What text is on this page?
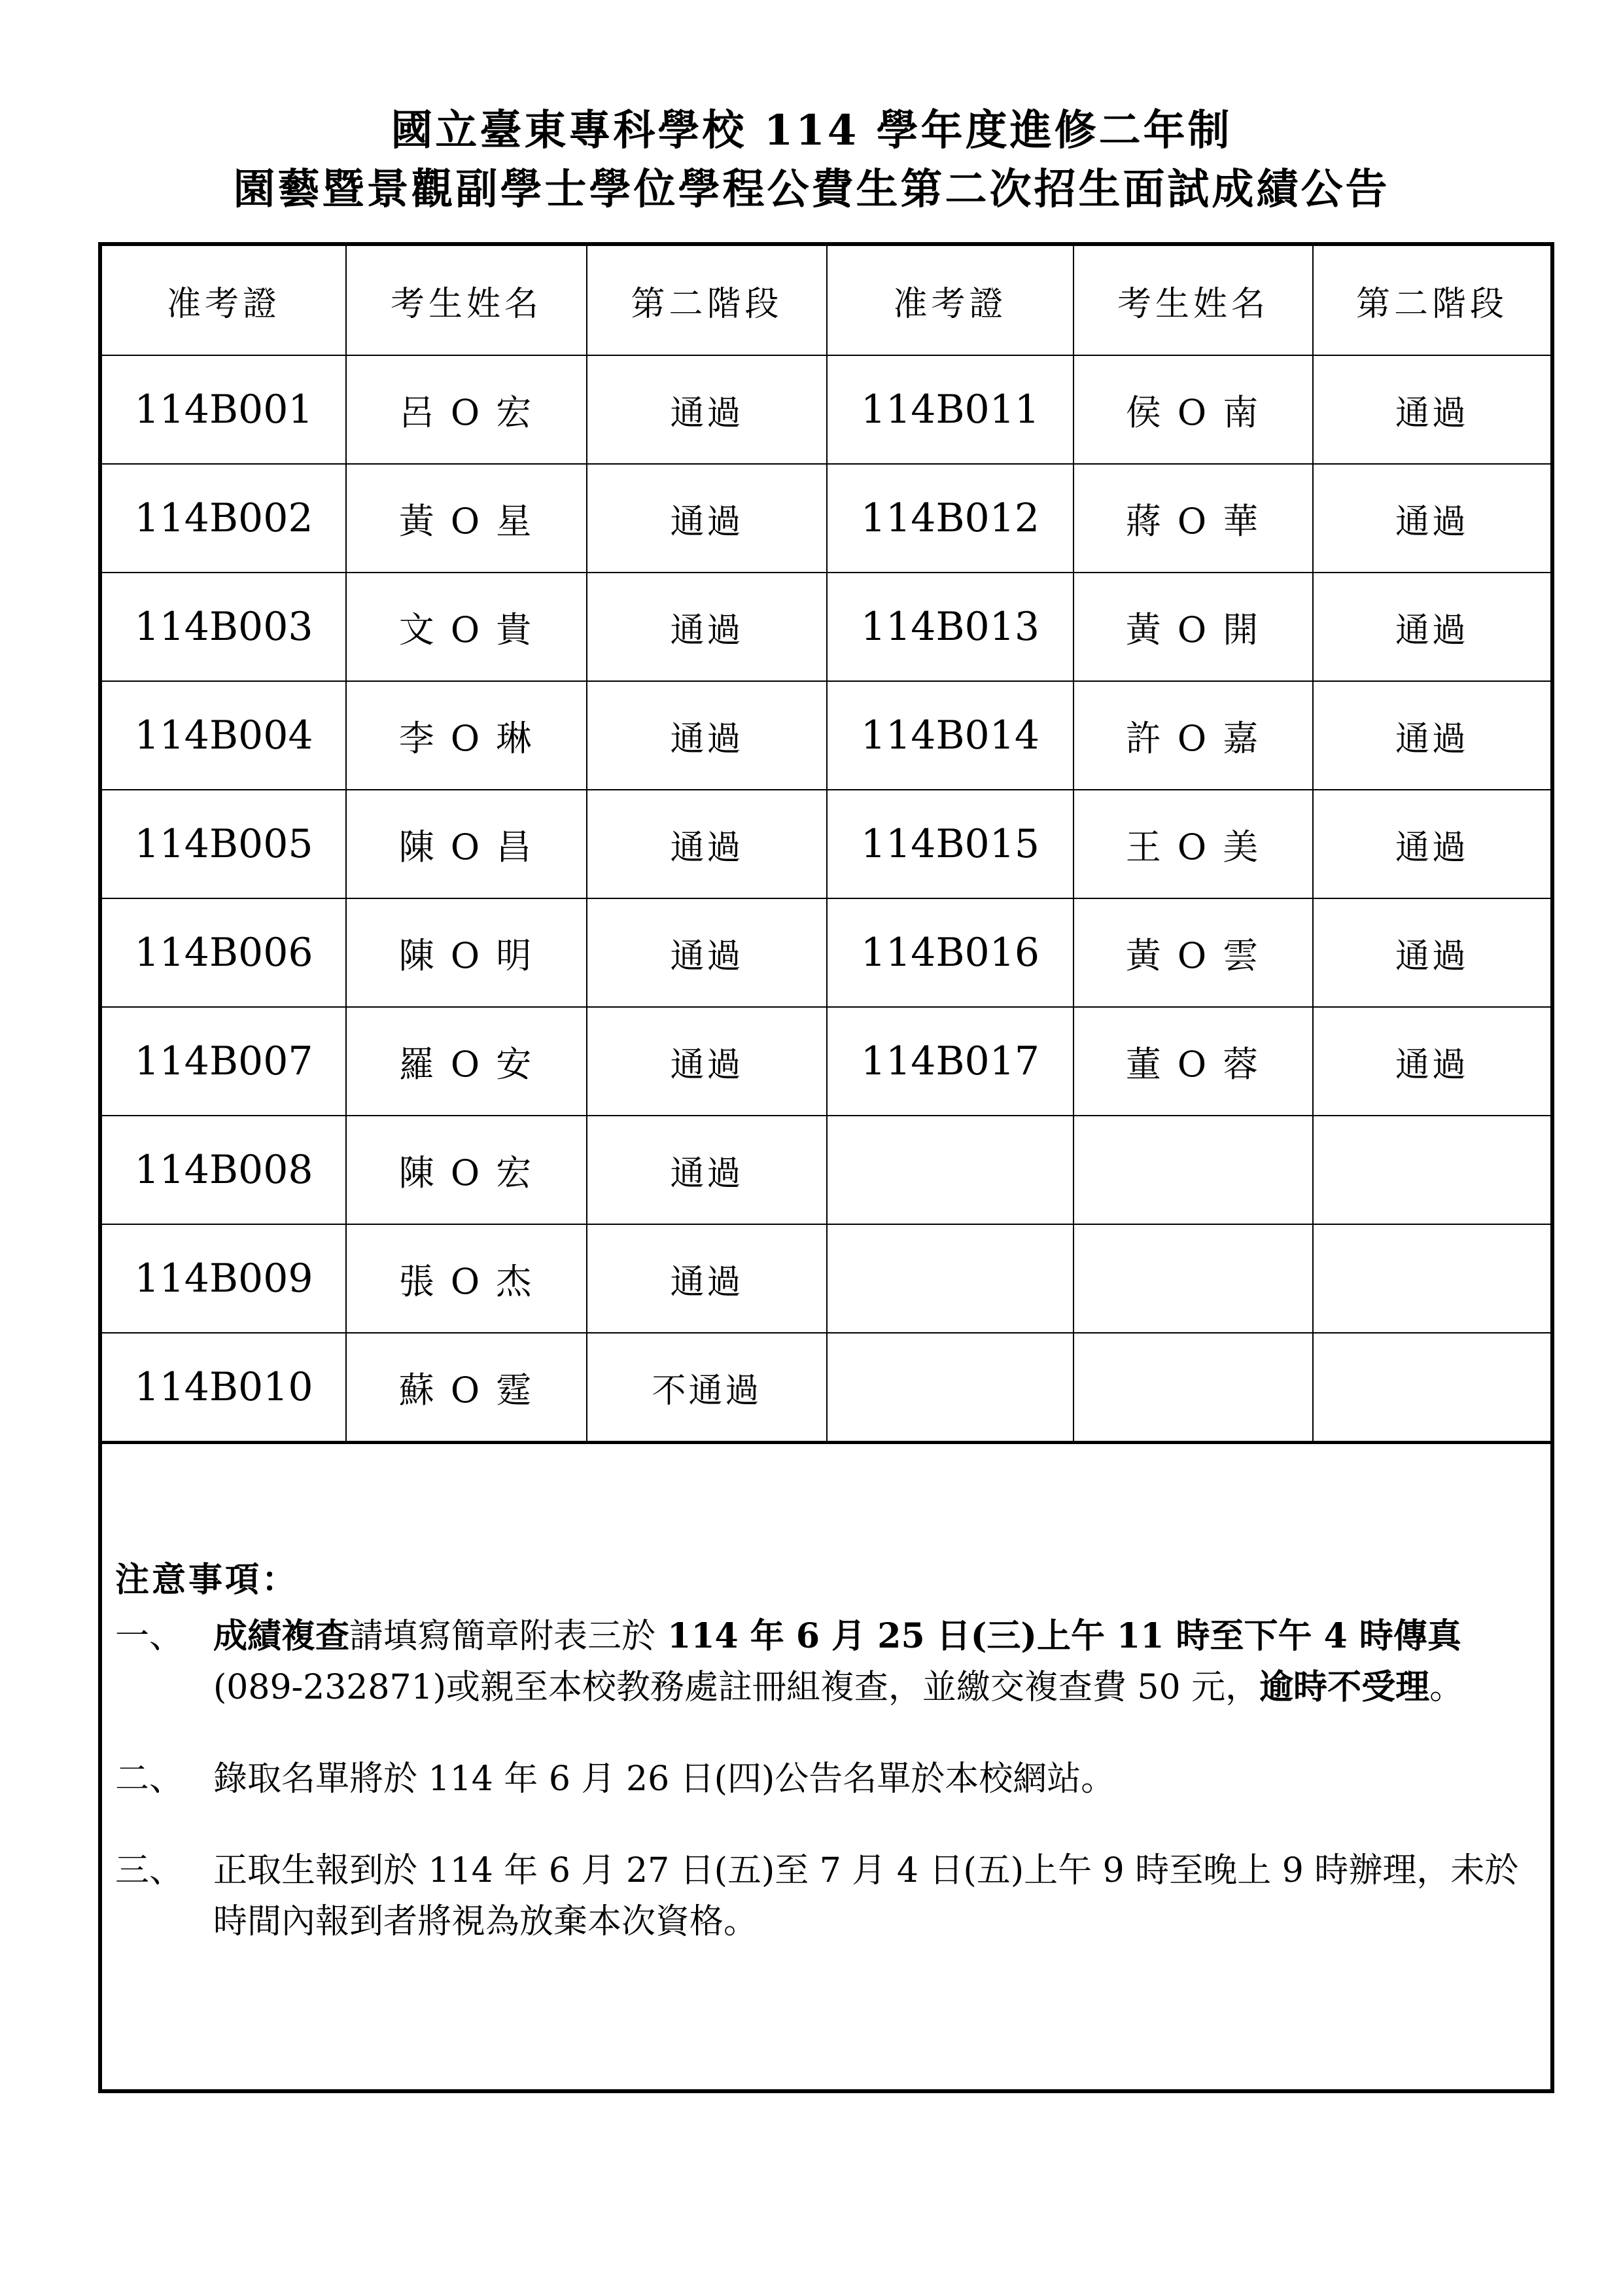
國立臺東專科學校 114 學年度進修二年制
園藝暨景觀副學士學位學程公費生第二次招生面試成績公告
准考證	考生姓名	第二階段	准考證	考生姓名	第二階段
114B001	呂 O 宏	通過	114B011	侯 O 南	通過
114B002	黃 O 星	通過	114B012	蔣 O 華	通過
114B003	文 O 貴	通過	114B013	黃 O 開	通過
114B004	李 O 琳	通過	114B014	許 O 嘉	通過
114B005	陳 O 昌	通過	114B015	王 O 美	通過
114B006	陳 O 明	通過	114B016	黃 O 雲	通過
114B007	羅 O 安	通過	114B017	董 O 蓉	通過
114B008	陳 O 宏	通過			
114B009	張 O 杰	通過			
114B010	蘇 O 霆	不通過			
注意事項：
一、 成績複查請填寫簡章附表三於 114 年 6 月 25 日(三)上午 11 時至下午 4 時傳真
(089-232871)或親至本校教務處註冊組複查，並繳交複查費 50 元，逾時不受理。
二、 錄取名單將於 114 年 6 月 26 日(四)公告名單於本校網站。
三、 正取生報到於 114 年 6 月 27 日(五)至 7 月 4 日(五)上午 9 時至晚上 9 時辦理，未於時間內報到者將視為放棄本次資格。
